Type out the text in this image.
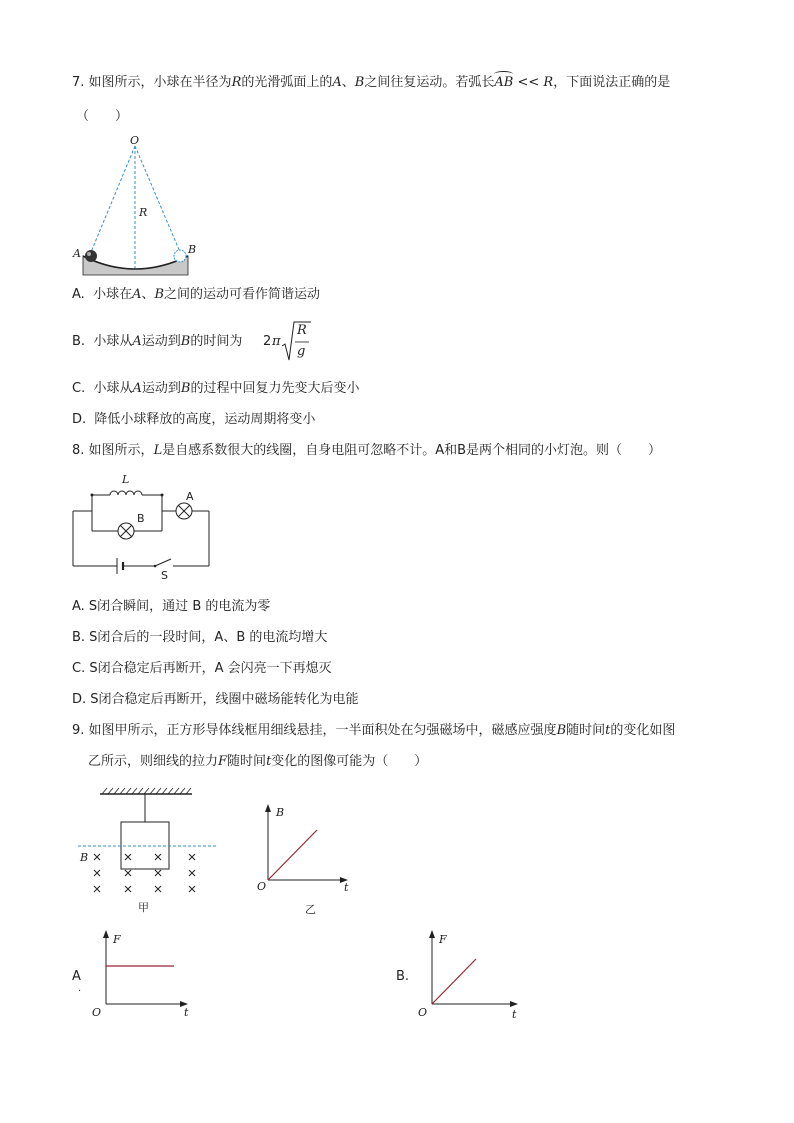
7. 如图所示，小球在半径为R的光滑弧面上的A、B之间往复运动。若弧长
AB << R，下面说法正确的是
（　　）
O
R
A	B
A. 小球在A、B之间的运动可看作简谐运动
B. 小球从A运动到B的时间为 2 π
R
g
C. 小球从A运动到B的过程中回复力先变大后变小
D. 降低小球释放的高度，运动周期将变小
8. 如图所示，L是自感系数很大的线圈，自身电阻可忽略不计。A和B是两个相同的小灯泡。则（　　）
L
B
A
S
A. S闭合瞬间，通过 B 的电流为零
B. S闭合后的一段时间，A、B 的电流均增大
C. S闭合稳定后再断开，A 会闪亮一下再熄灭
D. S闭合稳定后再断开，线圈中磁场能转化为电能
9. 如图甲所示，正方形导体线框用细线悬挂，一半面积处在匀强磁场中，磁感应强度B随时间t的变化如图
乙所示，则细线的拉力F随时间t变化的图像可能为（　　）
B
甲
B
t
O
乙
A
.
F
t
O
B.
F
t
O
